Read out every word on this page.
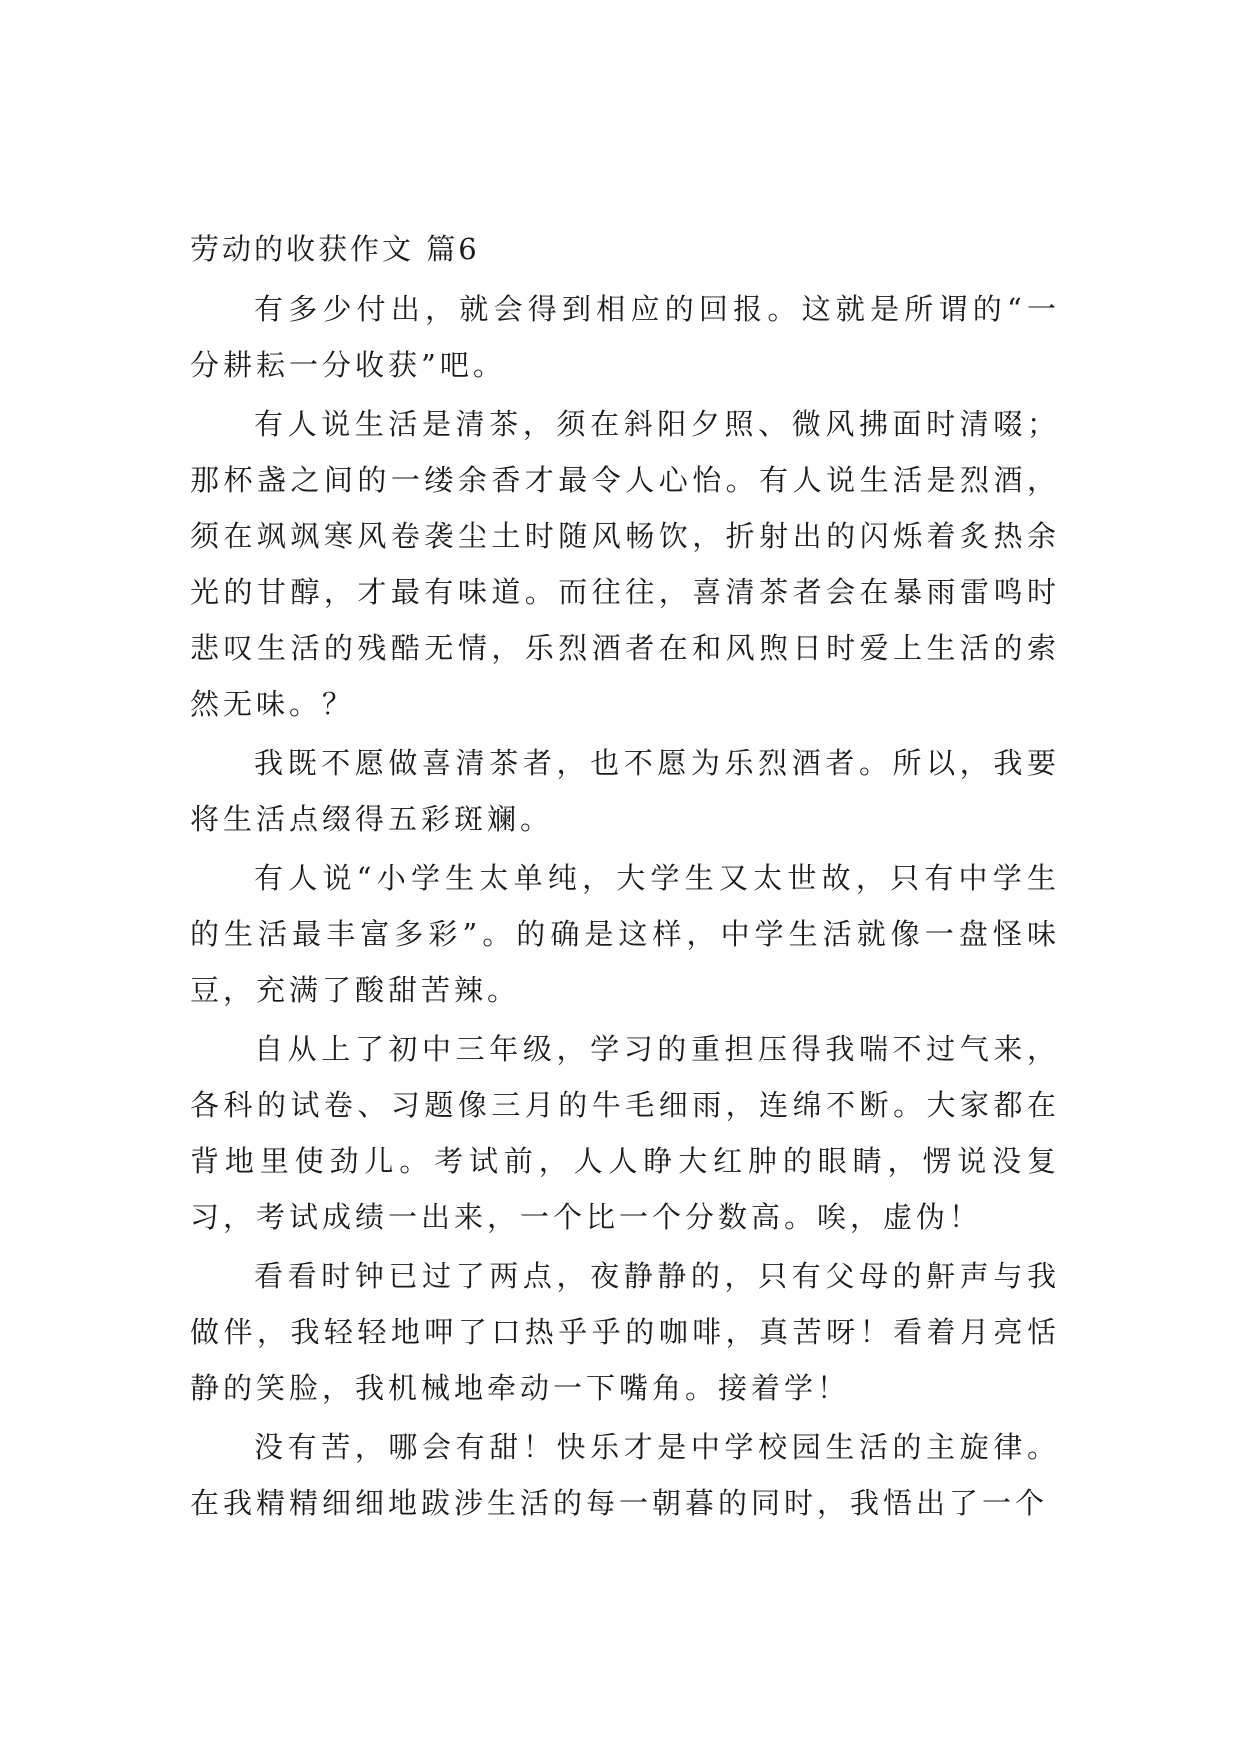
劳动的收获作文 篇6

有多少付出，就会得到相应的回报。这就是所谓的“一分耕耘一分收获”吧。

有人说生活是清茶，须在斜阳夕照、微风拂面时清啜；那杯盏之间的一缕余香才最令人心怡。有人说生活是烈酒，须在飒飒寒风卷袭尘土时随风畅饮，折射出的闪烁着炙热余光的甘醇，才最有味道。而往往，喜清茶者会在暴雨雷鸣时悲叹生活的残酷无情，乐烈酒者在和风煦日时爱上生活的索然无味。？

我既不愿做喜清茶者，也不愿为乐烈酒者。所以，我要将生活点缀得五彩斑斓。

有人说“小学生太单纯，大学生又太世故，只有中学生的生活最丰富多彩”。的确是这样，中学生活就像一盘怪味豆，充满了酸甜苦辣。

自从上了初中三年级，学习的重担压得我喘不过气来，各科的试卷、习题像三月的牛毛细雨，连绵不断。大家都在背地里使劲儿。考试前，人人睁大红肿的眼睛，愣说没复习，考试成绩一出来，一个比一个分数高。唉，虚伪！

看看时钟已过了两点，夜静静的，只有父母的鼾声与我做伴，我轻轻地呷了口热乎乎的咖啡，真苦呀！看着月亮恬静的笑脸，我机械地牵动一下嘴角。接着学！

没有苦，哪会有甜！快乐才是中学校园生活的主旋律。在我精精细细地跋涉生活的每一朝暮的同时，我悟出了一个
